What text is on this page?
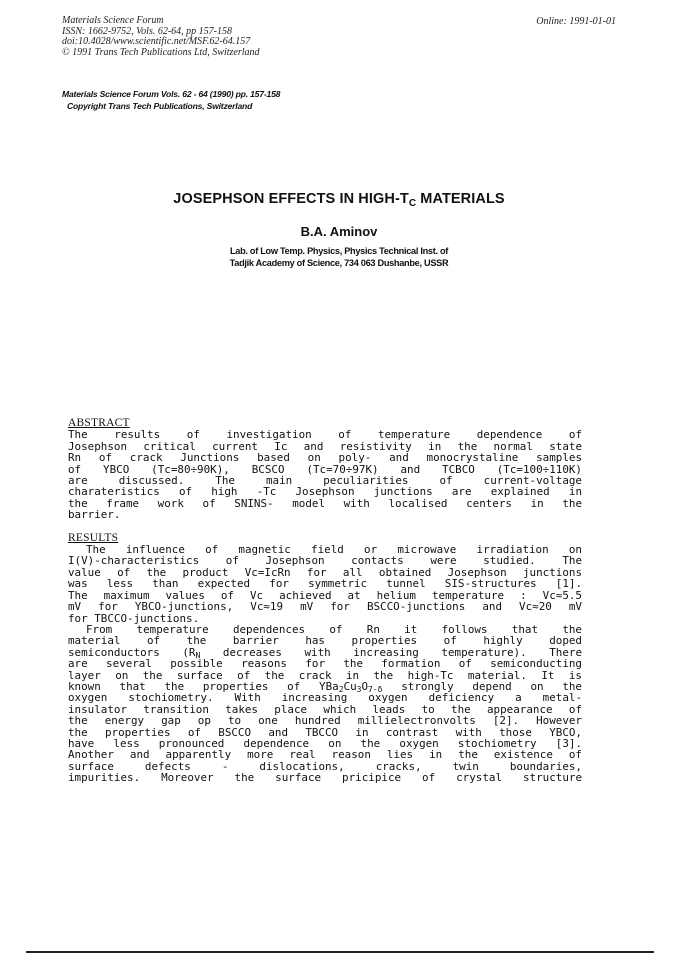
Materials Science Forum
ISSN: 1662-9752, Vols. 62-64, pp 157-158
doi:10.4028/www.scientific.net/MSF.62-64.157
© 1991 Trans Tech Publications Ltd, Switzerland
Online: 1991-01-01
Materials Science Forum Vols. 62 - 64 (1990) pp. 157-158
Copyright Trans Tech Publications, Switzerland
JOSEPHSON EFFECTS IN HIGH-$T_C$ MATERIALS
B.A. Aminov
Lab. of Low Temp. Physics, Physics Technical Inst. of
Tadjik Academy of Science, 734 063 Dushanbe, USSR
ABSTRACT
The results of investigation of temperature dependence of
Josephson critical current Ic and resistivity in the normal state
Rn of crack Junctions based on poly- and monocrystaline samples
of YBCO (Tc=80÷90K), BCSCO (Tc=70÷97K) and TCBCO (Tc=100÷110K)
are discussed. The main peculiarities of current-voltage
charateristics of high -Tc Josephson junctions are explained in
the frame work of SNINS- model with localised centers in the
barrier.
RESULTS
The influence of magnetic field or microwave irradiation on
I(V)-characteristics of Josephson contacts were studied. The
value of the product Vc=IcRn for all obtained Josephson junctions
was less than expected for symmetric tunnel SIS-structures [1].
The maximum values of Vc achieved at helium temperature : Vc≈5.5
mV for YBCO-junctions, Vc≈19 mV for BSCCO-junctions and Vc≈20 mV
for TBCCO-junctions.
From temperature dependences of Rn it follows that the
material of the barrier has properties of highly doped
semiconductors ($R_N$ decreases with increasing temperature). There
are several possible reasons for the formation of semiconducting
layer on the surface of the crack in the high-Tc material. It is
known that the properties of $YBa_2Cu_3O_{7-\delta}$ strongly depend on the
oxygen stochiometry. With increasing oxygen deficiency a metal-
insulator transition takes place which leads to the appearance of
the energy gap op to one hundred millielectronvolts [2]. However
the properties of BSCCO and TBCCO in contrast with those YBCO,
have less pronounced dependence on the oxygen stochiometry [3].
Another and apparently more real reason lies in the existence of
surface defects - dislocations, cracks, twin boundaries,
impurities. Moreover the surface pricipice of crystal structure
